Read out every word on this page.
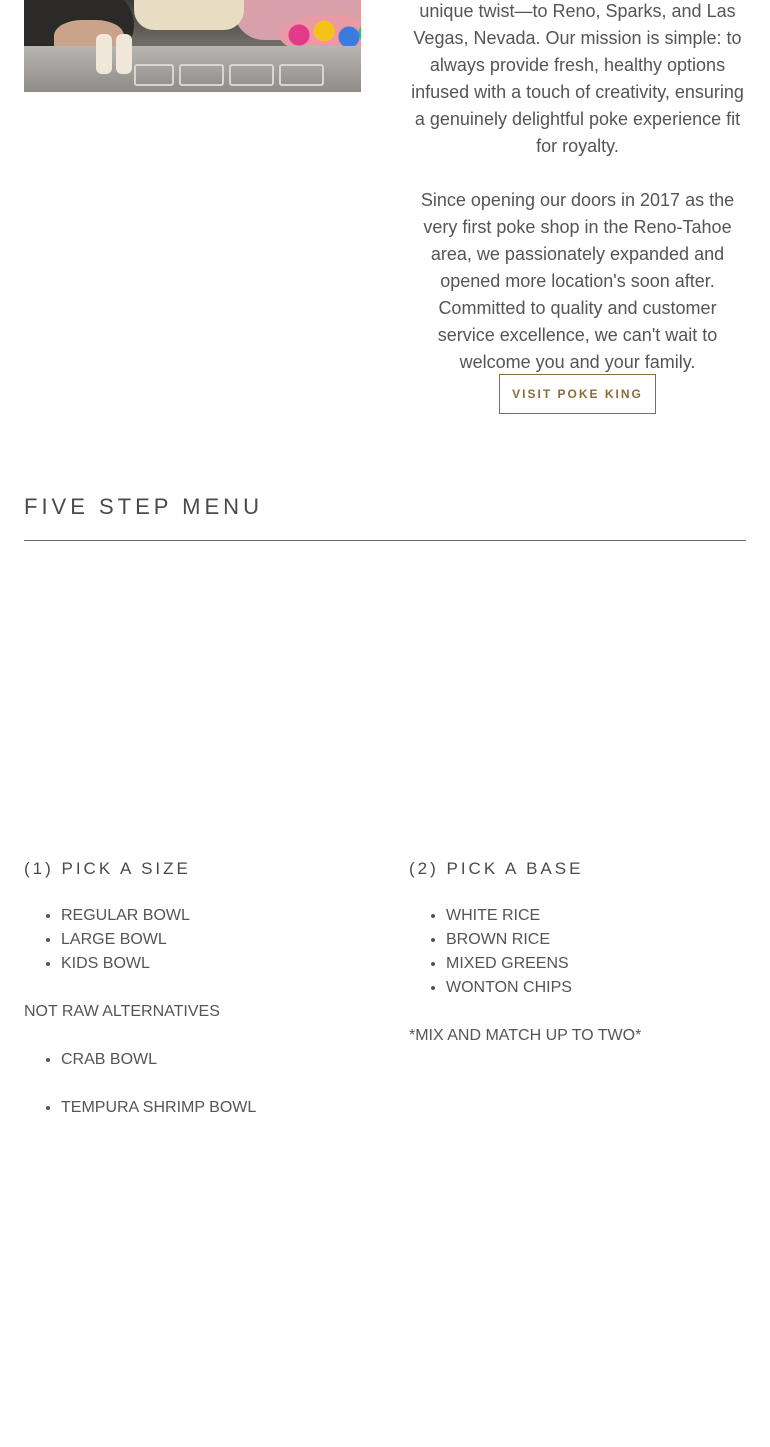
unique twist—to Reno, Sparks, and Las Vegas, Nevada. Our mission is simple: to always provide fresh, healthy options infused with a touch of creativity, ensuring a genuinely delightful poke experience fit for royalty.

Since opening our doors in 2017 as the very first poke shop in the Reno-Tahoe area, we passionately expanded and opened more location's soon after. Committed to quality and customer service excellence, we can't wait to welcome you and your family.

VISIT POKE KING
FIVE STEP MENU
(1) PICK A SIZE
• REGULAR BOWL
• LARGE BOWL
• KIDS BOWL

NOT RAW ALTERNATIVES

• CRAB BOWL
• TEMPURA SHRIMP BOWL
(2) PICK A BASE
• WHITE RICE
• BROWN RICE
• MIXED GREENS
• WONTON CHIPS

*MIX AND MATCH UP TO TWO*
